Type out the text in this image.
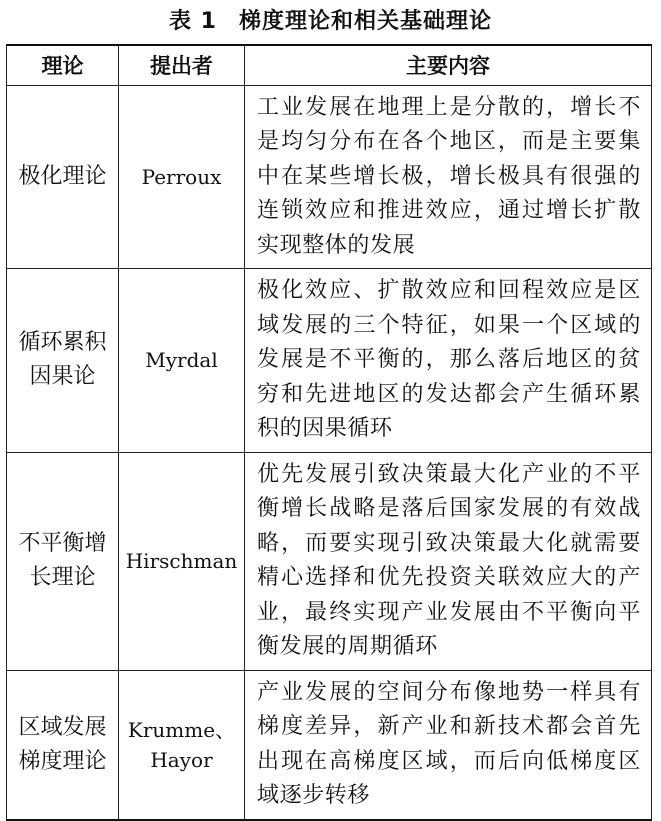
表 1 梯度理论和相关基础理论
理论	提出者	主要内容
极化理论	Perroux	工业发展在地理上是分散的，增长不是均匀分布在各个地区，而是主要集中在某些增长极，增长极具有很强的连锁效应和推进效应，通过增长扩散实现整体的发展
循环累积因果论	Myrdal	极化效应、扩散效应和回程效应是区域发展的三个特征，如果一个区域的发展是不平衡的，那么落后地区的贫穷和先进地区的发达都会产生循环累积的因果循环
不平衡增长理论	Hirschman	优先发展引致决策最大化产业的不平衡增长战略是落后国家发展的有效战略，而要实现引致决策最大化就需要精心选择和优先投资关联效应大的产业，最终实现产业发展由不平衡向平衡发展的周期循环
区域发展梯度理论	Krumme、Hayor	产业发展的空间分布像地势一样具有梯度差异，新产业和新技术都会首先出现在高梯度区域，而后向低梯度区域逐步转移
